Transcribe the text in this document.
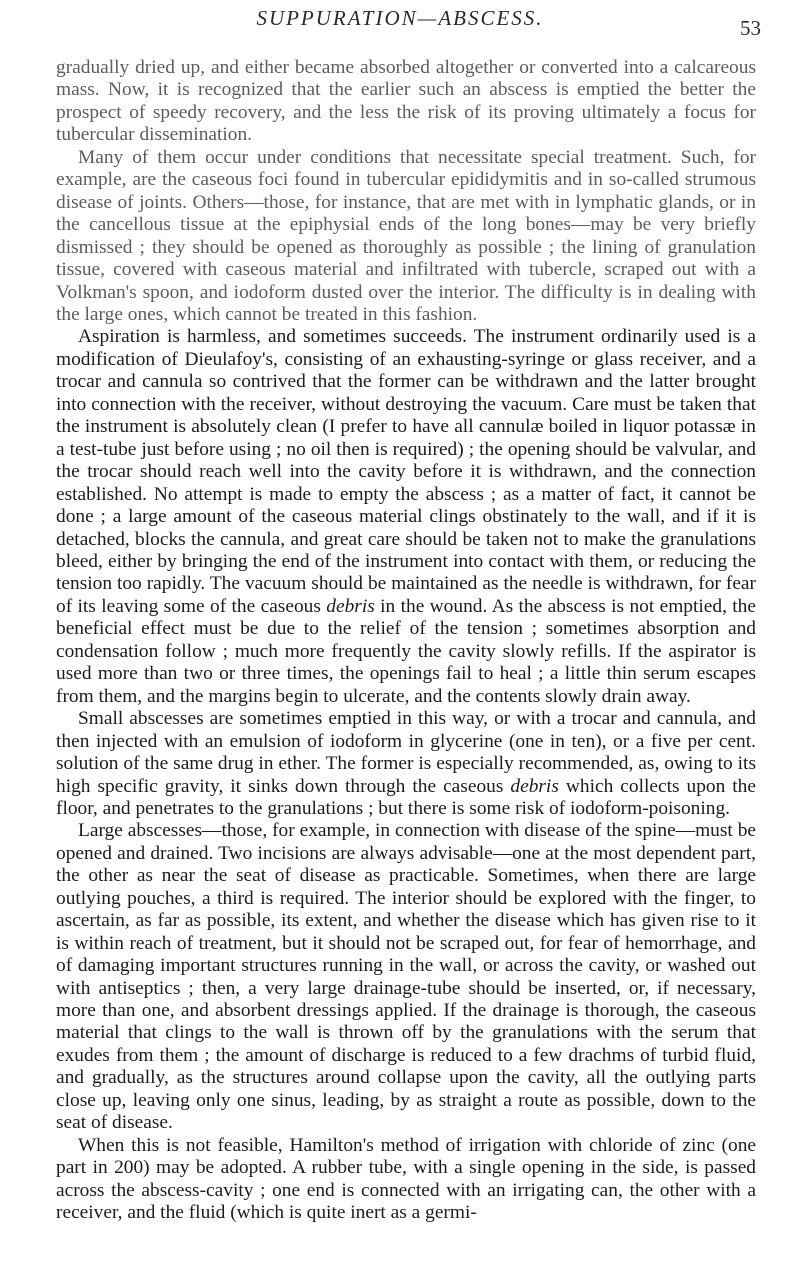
SUPPURATION—ABSCESS.	53

gradually dried up, and either became absorbed altogether or converted into a calcareous mass. Now, it is recognized that the earlier such an abscess is emptied the better the prospect of speedy recovery, and the less the risk of its proving ultimately a focus for tubercular dissemination.

Many of them occur under conditions that necessitate special treatment. Such, for example, are the caseous foci found in tubercular epididymitis and in so-called strumous disease of joints. Others—those, for instance, that are met with in lymphatic glands, or in the cancellous tissue at the epiphysial ends of the long bones—may be very briefly dismissed ; they should be opened as thoroughly as possible ; the lining of granulation tissue, covered with caseous material and infiltrated with tubercle, scraped out with a Volkman's spoon, and iodoform dusted over the interior. The difficulty is in dealing with the large ones, which cannot be treated in this fashion.

Aspiration is harmless, and sometimes succeeds. The instrument ordinarily used is a modification of Dieulafoy's, consisting of an exhausting-syringe or glass receiver, and a trocar and cannula so contrived that the former can be withdrawn and the latter brought into connection with the receiver, without destroying the vacuum. Care must be taken that the instrument is absolutely clean (I prefer to have all cannulæ boiled in liquor potassæ in a test-tube just before using ; no oil then is required) ; the opening should be valvular, and the trocar should reach well into the cavity before it is withdrawn, and the connection established. No attempt is made to empty the abscess ; as a matter of fact, it cannot be done ; a large amount of the caseous material clings obstinately to the wall, and if it is detached, blocks the cannula, and great care should be taken not to make the granulations bleed, either by bringing the end of the instrument into contact with them, or reducing the tension too rapidly. The vacuum should be maintained as the needle is withdrawn, for fear of its leaving some of the caseous debris in the wound. As the abscess is not emptied, the beneficial effect must be due to the relief of the tension ; sometimes absorption and condensation follow ; much more frequently the cavity slowly refills. If the aspirator is used more than two or three times, the openings fail to heal ; a little thin serum escapes from them, and the margins begin to ulcerate, and the contents slowly drain away.

Small abscesses are sometimes emptied in this way, or with a trocar and cannula, and then injected with an emulsion of iodoform in glycerine (one in ten), or a five per cent. solution of the same drug in ether. The former is especially recommended, as, owing to its high specific gravity, it sinks down through the caseous debris which collects upon the floor, and penetrates to the granulations ; but there is some risk of iodoform-poisoning.

Large abscesses—those, for example, in connection with disease of the spine—must be opened and drained. Two incisions are always advisable—one at the most dependent part, the other as near the seat of disease as practicable. Sometimes, when there are large outlying pouches, a third is required. The interior should be explored with the finger, to ascertain, as far as possible, its extent, and whether the disease which has given rise to it is within reach of treatment, but it should not be scraped out, for fear of hemorrhage, and of damaging important structures running in the wall, or across the cavity, or washed out with antiseptics ; then, a very large drainage-tube should be inserted, or, if necessary, more than one, and absorbent dressings applied. If the drainage is thorough, the caseous material that clings to the wall is thrown off by the granulations with the serum that exudes from them ; the amount of discharge is reduced to a few drachms of turbid fluid, and gradually, as the structures around collapse upon the cavity, all the outlying parts close up, leaving only one sinus, leading, by as straight a route as possible, down to the seat of disease.

When this is not feasible, Hamilton's method of irrigation with chloride of zinc (one part in 200) may be adopted. A rubber tube, with a single opening in the side, is passed across the abscess-cavity ; one end is connected with an irrigating can, the other with a receiver, and the fluid (which is quite inert as a germi-
